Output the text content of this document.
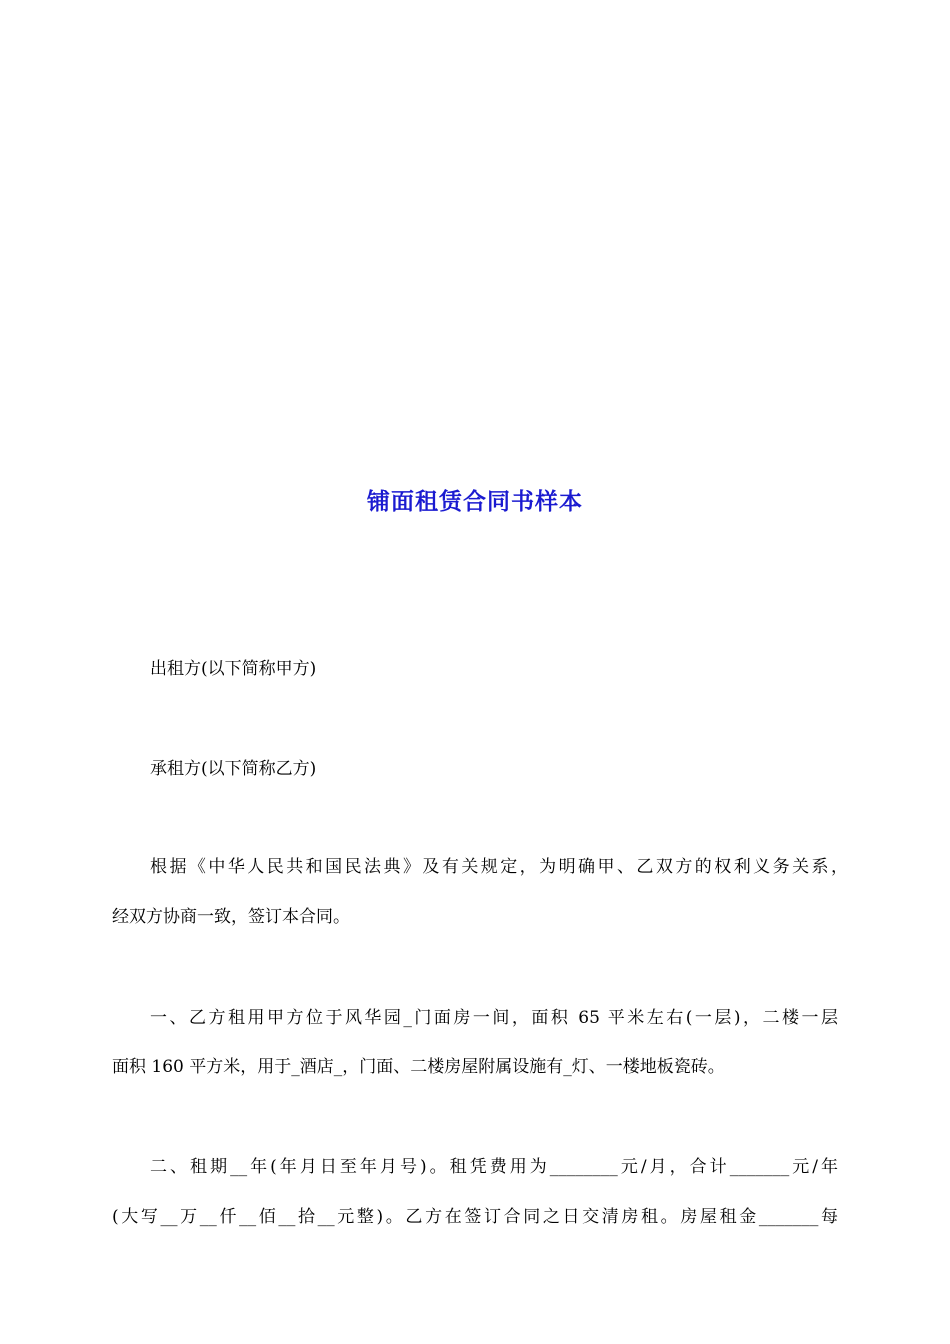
铺面租赁合同书样本
出租方(以下简称甲方)
承租方(以下简称乙方)
根据《中华人民共和国民法典》及有关规定，为明确甲、乙双方的权利义务关系，
经双方协商一致，签订本合同。
一、乙方租用甲方位于风华园_门面房一间，面积 65 平米左右(一层)，二楼一层
面积 160 平方米，用于_酒店_，门面、二楼房屋附属设施有_灯、一楼地板瓷砖。
二、租期__年(年月日至年月号)。租凭费用为________元/月，合计_______元/年
(大写__万__仟__佰__拾__元整)。乙方在签订合同之日交清房租。房屋租金_______每
